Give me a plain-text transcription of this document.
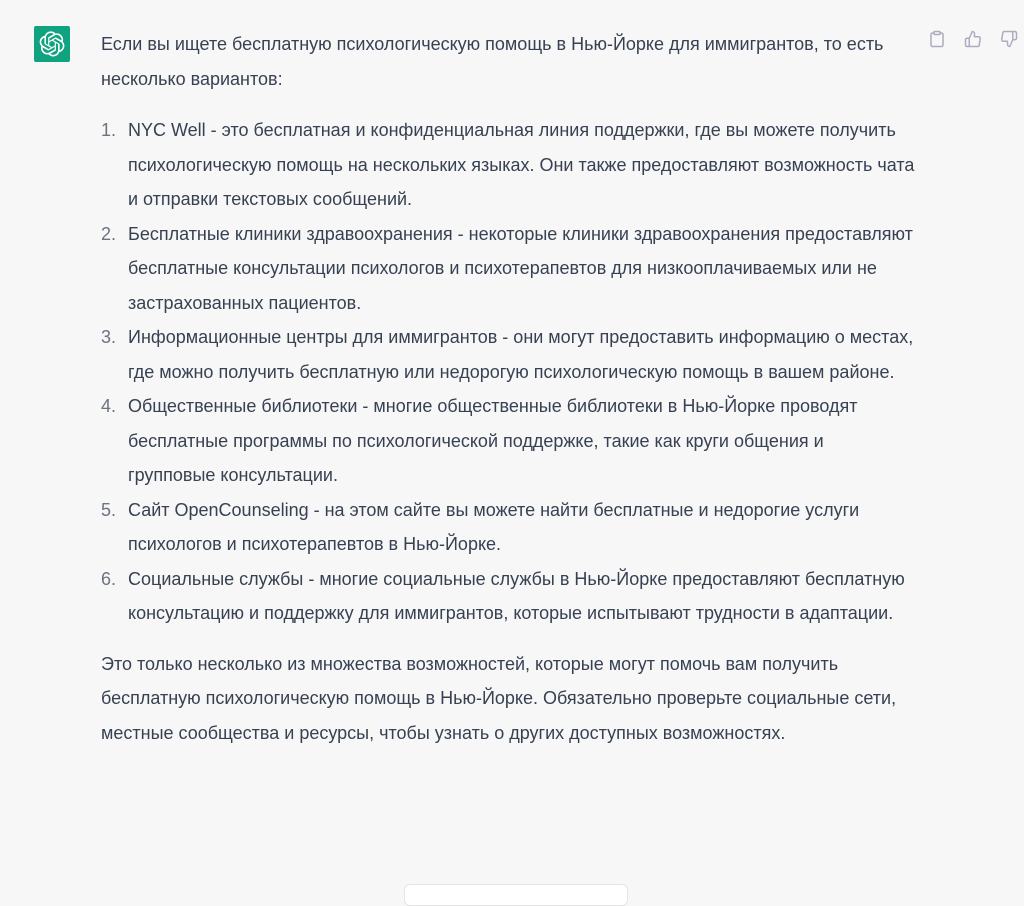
Если вы ищете бесплатную психологическую помощь в Нью-Йорке для иммигрантов, то есть несколько вариантов:

1. NYC Well - это бесплатная и конфиденциальная линия поддержки, где вы можете получить психологическую помощь на нескольких языках. Они также предоставляют возможность чата и отправки текстовых сообщений.
2. Бесплатные клиники здравоохранения - некоторые клиники здравоохранения предоставляют бесплатные консультации психологов и психотерапевтов для низкооплачиваемых или не застрахованных пациентов.
3. Информационные центры для иммигрантов - они могут предоставить информацию о местах, где можно получить бесплатную или недорогую психологическую помощь в вашем районе.
4. Общественные библиотеки - многие общественные библиотеки в Нью-Йорке проводят бесплатные программы по психологической поддержке, такие как круги общения и групповые консультации.
5. Сайт OpenCounseling - на этом сайте вы можете найти бесплатные и недорогие услуги психологов и психотерапевтов в Нью-Йорке.
6. Социальные службы - многие социальные службы в Нью-Йорке предоставляют бесплатную консультацию и поддержку для иммигрантов, которые испытывают трудности в адаптации.

Это только несколько из множества возможностей, которые могут помочь вам получить бесплатную психологическую помощь в Нью-Йорке. Обязательно проверьте социальные сети, местные сообщества и ресурсы, чтобы узнать о других доступных возможностях.
